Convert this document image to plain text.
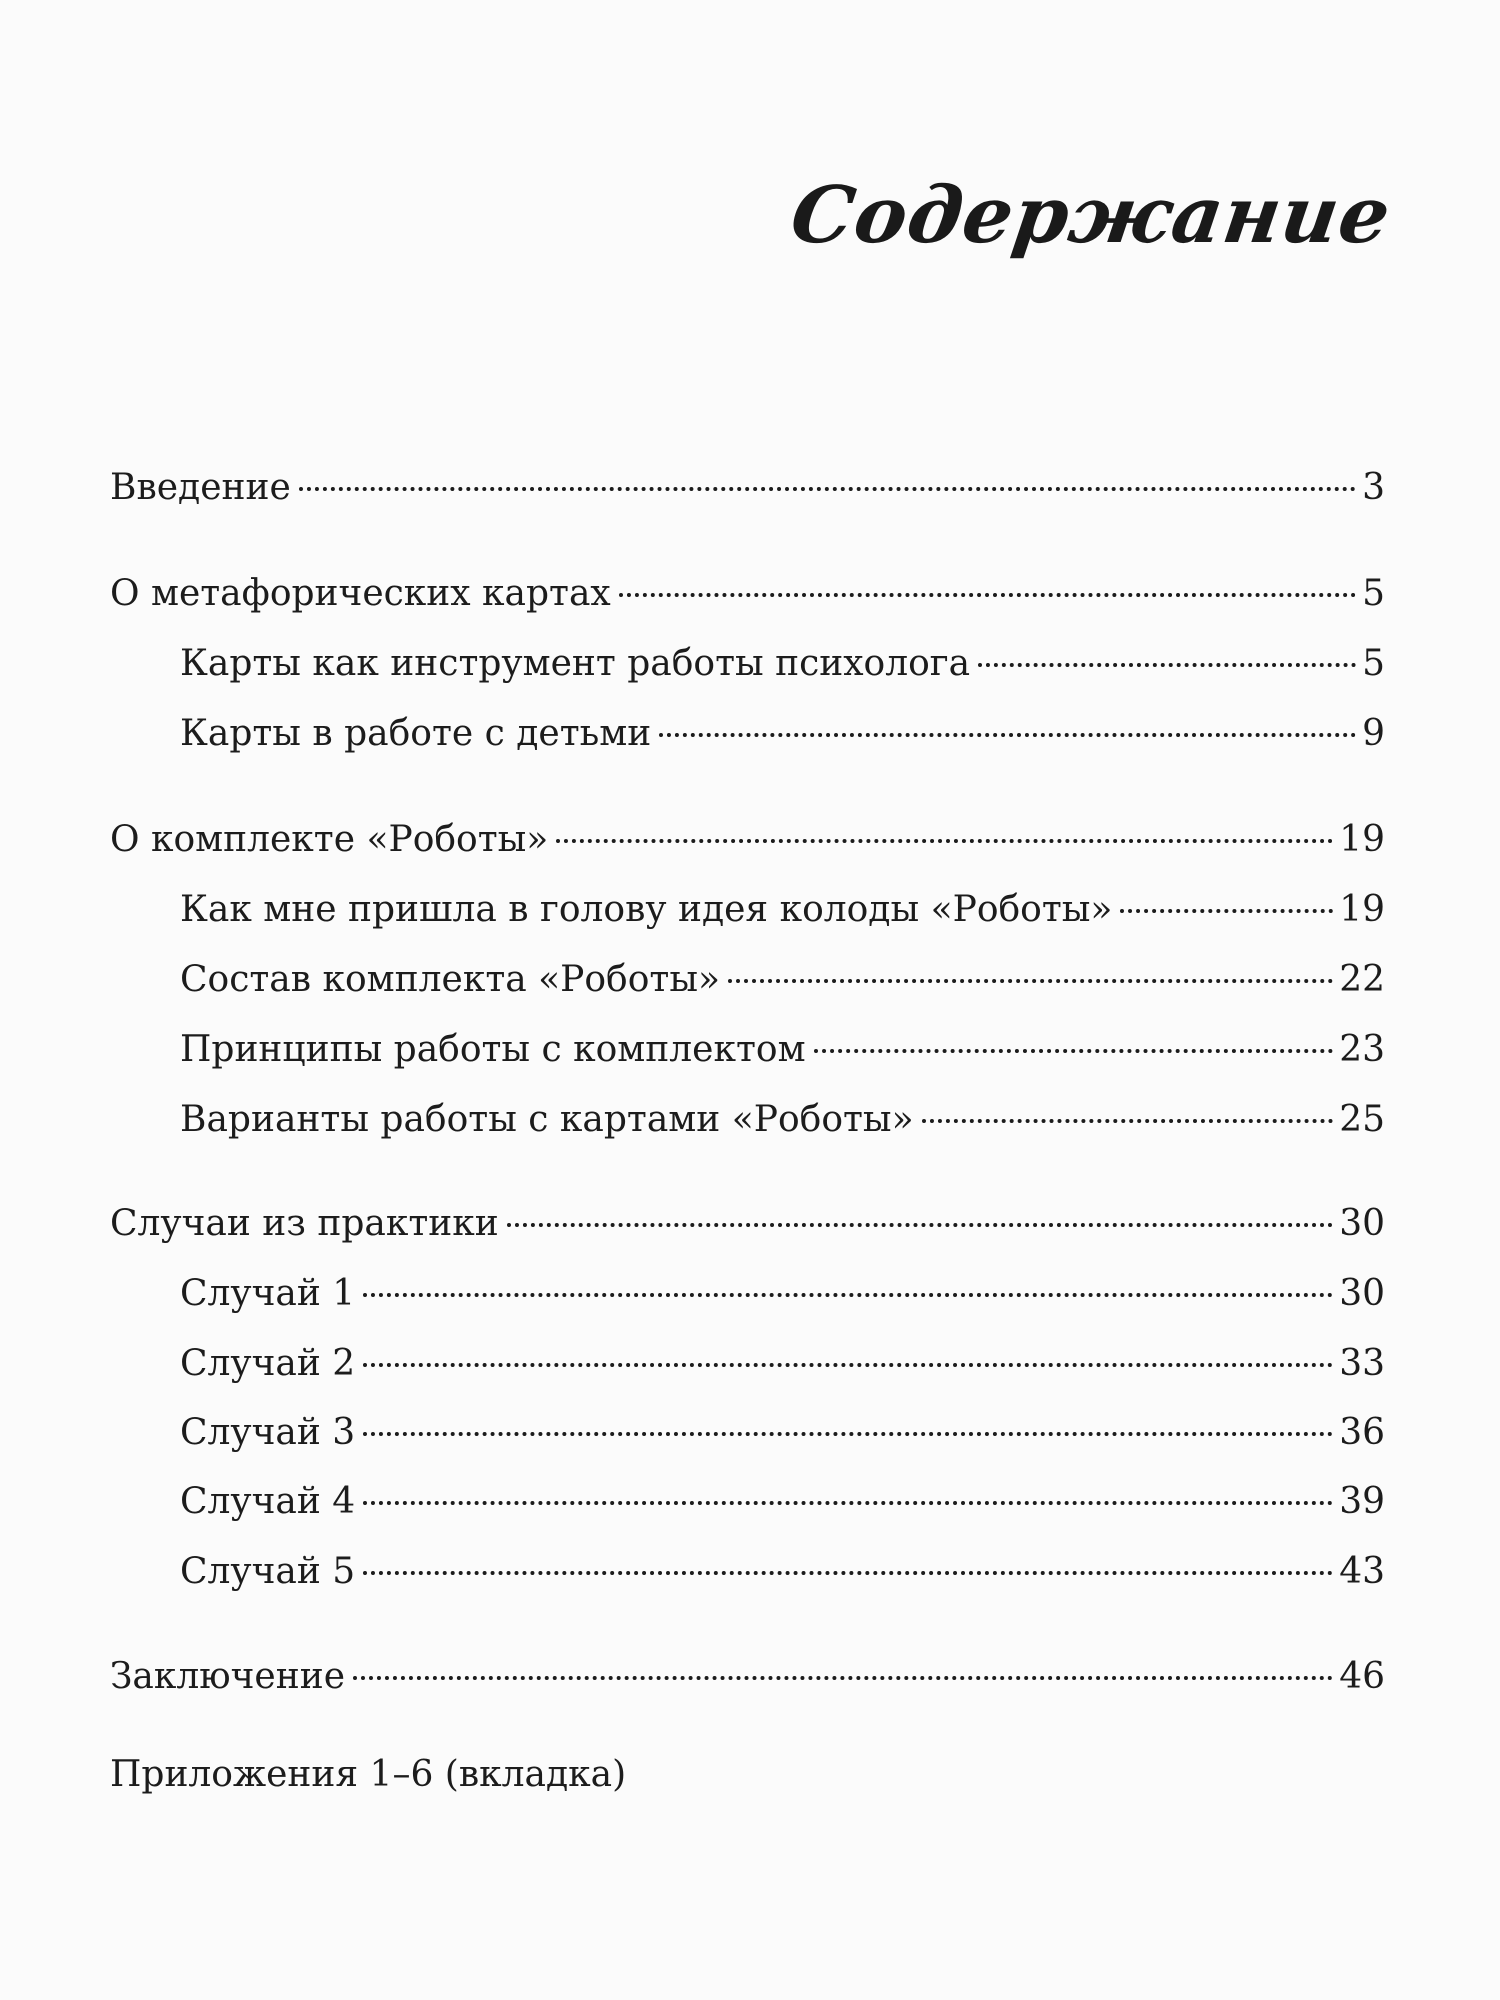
Содержание
Введение	3
О метафорических картах	5
Карты как инструмент работы психолога	5
Карты в работе с детьми	9
О комплекте «Роботы»	19
Как мне пришла в голову идея колоды «Роботы»	19
Состав комплекта «Роботы»	22
Принципы работы с комплектом	23
Варианты работы с картами «Роботы»	25
Случаи из практики	30
Случай 1	30
Случай 2	33
Случай 3	36
Случай 4	39
Случай 5	43
Заключение	46
Приложения 1–6 (вкладка)
